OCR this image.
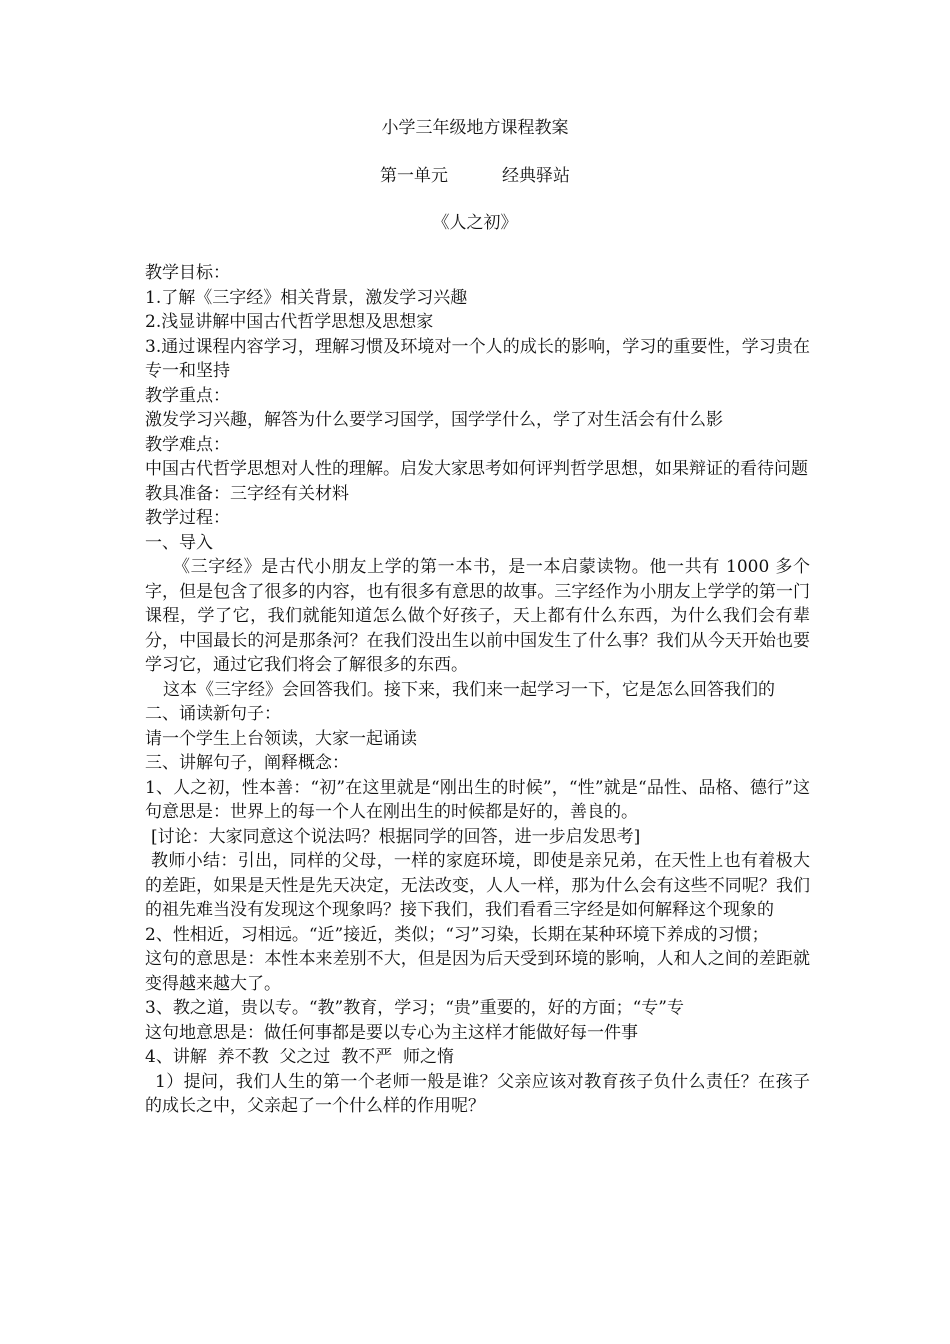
小学三年级地方课程教案
第一单元          经典驿站
《人之初》

教学目标：

1.了解《三字经》相关背景，激发学习兴趣

2.浅显讲解中国古代哲学思想及思想家

3.通过课程内容学习，理解习惯及环境对一个人的成长的影响，学习的重要性，学习贵在专一和坚持

教学重点：

激发学习兴趣，解答为什么要学习国学，国学学什么，学了对生活会有什么影

教学难点：

中国古代哲学思想对人性的理解。启发大家思考如何评判哲学思想，如果辩证的看待问题

教具准备：三字经有关材料

教学过程：

一、导入

《三字经》是古代小朋友上学的第一本书，是一本启蒙读物。他一共有 1000 多个字，但是包含了很多的内容，也有很多有意思的故事。三字经作为小朋友上学学的第一门课程，学了它，我们就能知道怎么做个好孩子，天上都有什么东西，为什么我们会有辈分，中国最长的河是那条河？在我们没出生以前中国发生了什么事？我们从今天开始也要学习它，通过它我们将会了解很多的东西。

这本《三字经》会回答我们。接下来，我们来一起学习一下，它是怎么回答我们的

二、诵读新句子：

请一个学生上台领读，大家一起诵读

三、讲解句子，阐释概念：

1、人之初，性本善：“初”在这里就是“刚出生的时候”，“性”就是“品性、品格、德行”这句意思是：世界上的每一个人在刚出生的时候都是好的，善良的。

[讨论：大家同意这个说法吗？根据同学的回答，进一步启发思考]

教师小结：引出，同样的父母，一样的家庭环境，即使是亲兄弟，在天性上也有着极大的差距，如果是天性是先天决定，无法改变，人人一样，那为什么会有这些不同呢？我们的祖先难当没有发现这个现象吗？接下我们，我们看看三字经是如何解释这个现象的

2、性相近，习相远。“近”接近，类似；“习”习染，长期在某种环境下养成的习惯；

这句的意思是：本性本来差别不大，但是因为后天受到环境的影响，人和人之间的差距就变得越来越大了。

3、教之道，贵以专。“教”教育，学习；“贵”重要的，好的方面；“专”专

这句地意思是：做任何事都是要以专心为主这样才能做好每一件事

4、讲解  养不教  父之过  教不严  师之惰

1）提问，我们人生的第一个老师一般是谁？父亲应该对教育孩子负什么责任？在孩子的成长之中，父亲起了一个什么样的作用呢？
